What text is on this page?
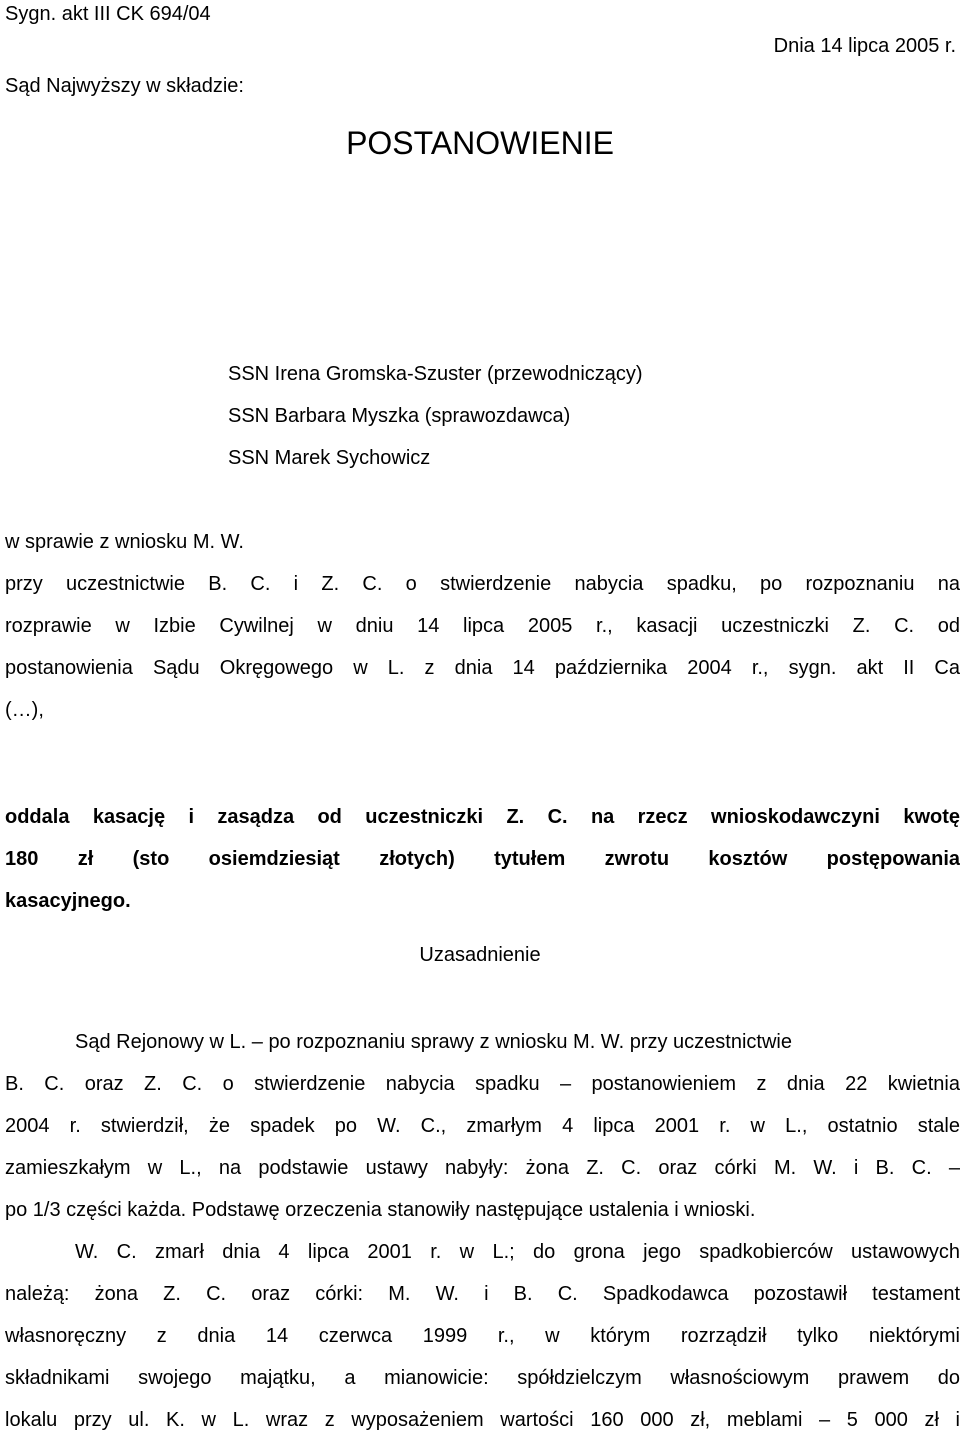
Sygn. akt III CK 694/04
Dnia 14 lipca 2005 r.
POSTANOWIENIE
Sąd Najwyższy w składzie:
SSN Irena Gromska-Szuster (przewodniczący)
SSN Barbara Myszka (sprawozdawca)
SSN Marek Sychowicz
w sprawie z wniosku M. W.
przy uczestnictwie B. C. i Z. C. o stwierdzenie nabycia spadku, po rozpoznaniu na
rozprawie w Izbie Cywilnej w dniu 14 lipca 2005 r., kasacji uczestniczki Z. C. od
postanowienia Sądu Okręgowego w L. z dnia 14 października 2004 r., sygn. akt II Ca
(…),
oddala kasację i zasądza od uczestniczki Z. C. na rzecz wnioskodawczyni kwotę
180 zł (sto osiemdziesiąt złotych) tytułem zwrotu kosztów postępowania
kasacyjnego.
Uzasadnienie
Sąd Rejonowy w L. – po rozpoznaniu sprawy z wniosku M. W. przy uczestnictwie
B. C. oraz Z. C. o stwierdzenie nabycia spadku – postanowieniem z dnia 22 kwietnia
2004 r. stwierdził, że spadek po W. C., zmarłym 4 lipca 2001 r. w L., ostatnio stale
zamieszkałym w L., na podstawie ustawy nabyły: żona Z. C. oraz córki M. W. i B. C. –
po 1/3 części każda. Podstawę orzeczenia stanowiły następujące ustalenia i wnioski.
W. C. zmarł dnia 4 lipca 2001 r. w L.; do grona jego spadkobierców ustawowych
należą: żona Z. C. oraz córki: M. W. i B. C. Spadkodawca pozostawił testament
własnoręczny z dnia 14 czerwca 1999 r., w którym rozrządził tylko niektórymi
składnikami swojego majątku, a mianowicie: spółdzielczym własnościowym prawem do
lokalu przy ul. K. w L. wraz z wyposażeniem wartości 160 000 zł, meblami – 5 000 zł i
